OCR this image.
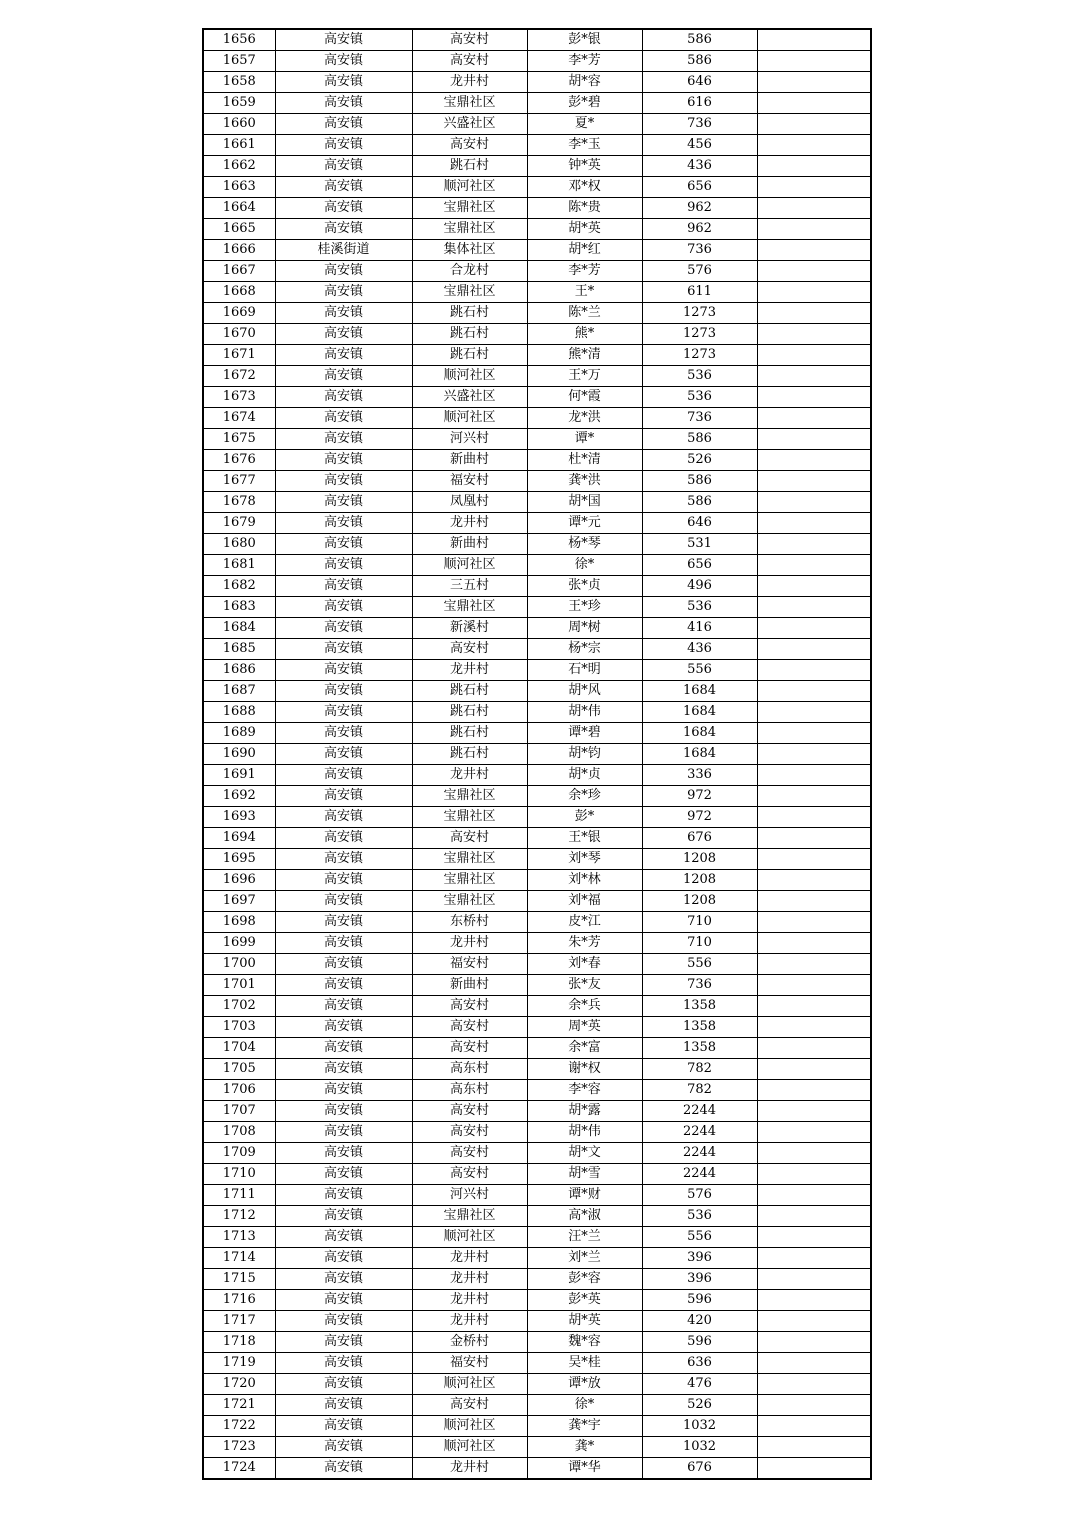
1656	高安镇	高安村	彭*银	586	
1657	高安镇	高安村	李*芳	586	
1658	高安镇	龙井村	胡*容	646	
1659	高安镇	宝鼎社区	彭*碧	616	
1660	高安镇	兴盛社区	夏*	736	
1661	高安镇	高安村	李*玉	456	
1662	高安镇	跳石村	钟*英	436	
1663	高安镇	顺河社区	邓*权	656	
1664	高安镇	宝鼎社区	陈*贵	962	
1665	高安镇	宝鼎社区	胡*英	962	
1666	桂溪街道	集体社区	胡*红	736	
1667	高安镇	合龙村	李*芳	576	
1668	高安镇	宝鼎社区	王*	611	
1669	高安镇	跳石村	陈*兰	1273	
1670	高安镇	跳石村	熊*	1273	
1671	高安镇	跳石村	熊*清	1273	
1672	高安镇	顺河社区	王*万	536	
1673	高安镇	兴盛社区	何*霞	536	
1674	高安镇	顺河社区	龙*洪	736	
1675	高安镇	河兴村	谭*	586	
1676	高安镇	新曲村	杜*清	526	
1677	高安镇	福安村	龚*洪	586	
1678	高安镇	凤凰村	胡*国	586	
1679	高安镇	龙井村	谭*元	646	
1680	高安镇	新曲村	杨*琴	531	
1681	高安镇	顺河社区	徐*	656	
1682	高安镇	三五村	张*贞	496	
1683	高安镇	宝鼎社区	王*珍	536	
1684	高安镇	新溪村	周*树	416	
1685	高安镇	高安村	杨*宗	436	
1686	高安镇	龙井村	石*明	556	
1687	高安镇	跳石村	胡*风	1684	
1688	高安镇	跳石村	胡*伟	1684	
1689	高安镇	跳石村	谭*碧	1684	
1690	高安镇	跳石村	胡*钧	1684	
1691	高安镇	龙井村	胡*贞	336	
1692	高安镇	宝鼎社区	余*珍	972	
1693	高安镇	宝鼎社区	彭*	972	
1694	高安镇	高安村	王*银	676	
1695	高安镇	宝鼎社区	刘*琴	1208	
1696	高安镇	宝鼎社区	刘*林	1208	
1697	高安镇	宝鼎社区	刘*福	1208	
1698	高安镇	东桥村	皮*江	710	
1699	高安镇	龙井村	朱*芳	710	
1700	高安镇	福安村	刘*春	556	
1701	高安镇	新曲村	张*友	736	
1702	高安镇	高安村	余*兵	1358	
1703	高安镇	高安村	周*英	1358	
1704	高安镇	高安村	余*富	1358	
1705	高安镇	高东村	谢*权	782	
1706	高安镇	高东村	李*容	782	
1707	高安镇	高安村	胡*露	2244	
1708	高安镇	高安村	胡*伟	2244	
1709	高安镇	高安村	胡*文	2244	
1710	高安镇	高安村	胡*雪	2244	
1711	高安镇	河兴村	谭*财	576	
1712	高安镇	宝鼎社区	高*淑	536	
1713	高安镇	顺河社区	汪*兰	556	
1714	高安镇	龙井村	刘*兰	396	
1715	高安镇	龙井村	彭*容	396	
1716	高安镇	龙井村	彭*英	596	
1717	高安镇	龙井村	胡*英	420	
1718	高安镇	金桥村	魏*容	596	
1719	高安镇	福安村	吴*桂	636	
1720	高安镇	顺河社区	谭*放	476	
1721	高安镇	高安村	徐*	526	
1722	高安镇	顺河社区	龚*宇	1032	
1723	高安镇	顺河社区	龚*	1032	
1724	高安镇	龙井村	谭*华	676	
